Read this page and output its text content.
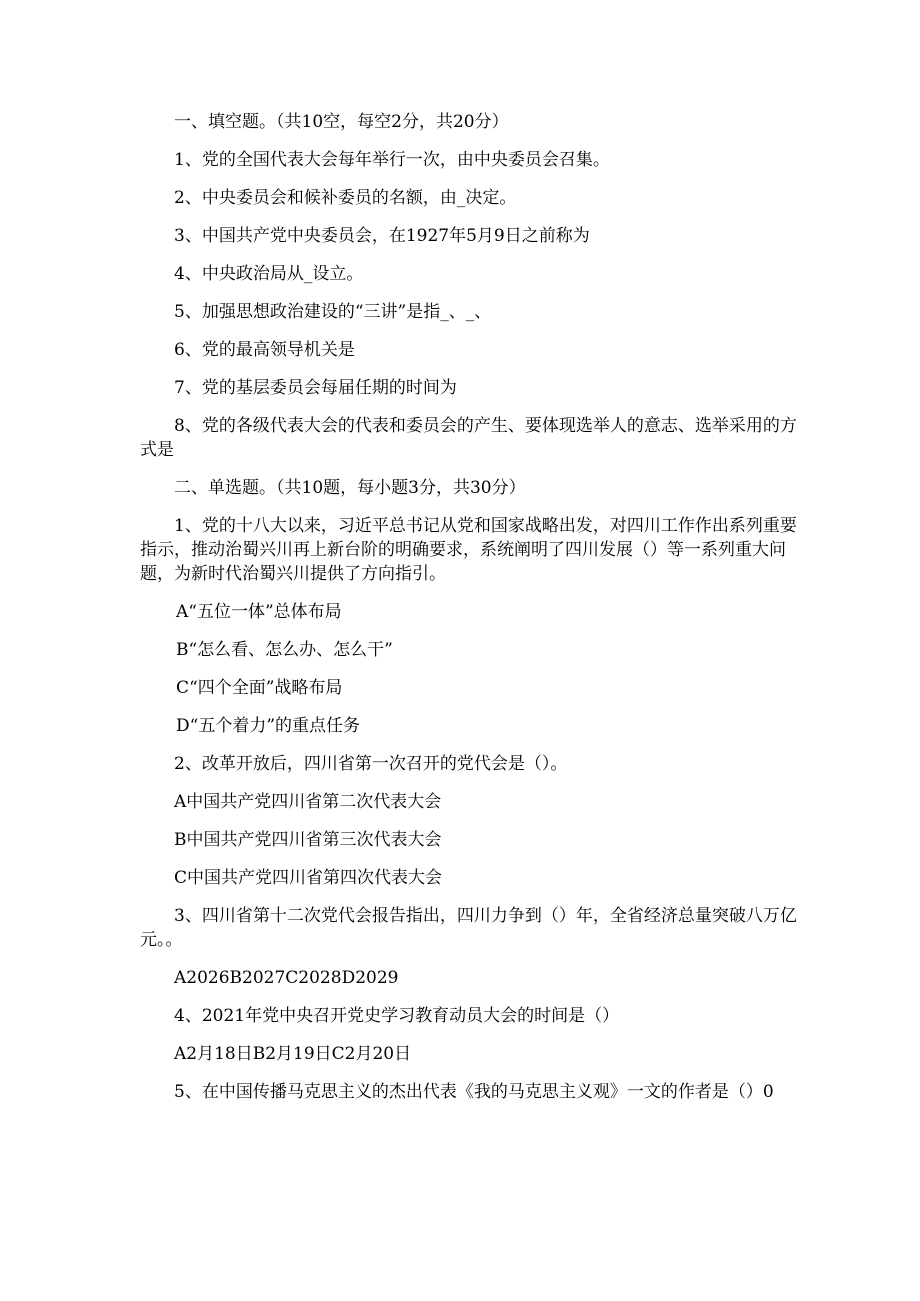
一、填空题。（共10空，每空2分，共20分）

1、党的全国代表大会每年举行一次，由中央委员会召集。

2、中央委员会和候补委员的名额，由_决定。

3、中国共产党中央委员会，在1927年5月9日之前称为

4、中央政治局从_设立。

5、加强思想政治建设的“三讲”是指_、_、

6、党的最高领导机关是

7、党的基层委员会每届任期的时间为

8、党的各级代表大会的代表和委员会的产生、要体现选举人的意志、选举采用的方式是

二、单选题。（共10题，每小题3分，共30分）

1、党的十八大以来，习近平总书记从党和国家战略出发，对四川工作作出系列重要指示，推动治蜀兴川再上新台阶的明确要求，系统阐明了四川发展（）等一系列重大问题，为新时代治蜀兴川提供了方向指引。

A“五位一体”总体布局

B“怎么看、怎么办、怎么干”

C“四个全面”战略布局

D“五个着力”的重点任务

2、改革开放后，四川省第一次召开的党代会是（）。

A中国共产党四川省第二次代表大会

B中国共产党四川省第三次代表大会

C中国共产党四川省第四次代表大会

3、四川省第十二次党代会报告指出，四川力争到（）年，全省经济总量突破八万亿元。。

A2026B2027C2028D2029

4、2021年党中央召开党史学习教育动员大会的时间是（）

A2月18日B2月19日C2月20日

5、在中国传播马克思主义的杰出代表《我的马克思主义观》一文的作者是（）0
